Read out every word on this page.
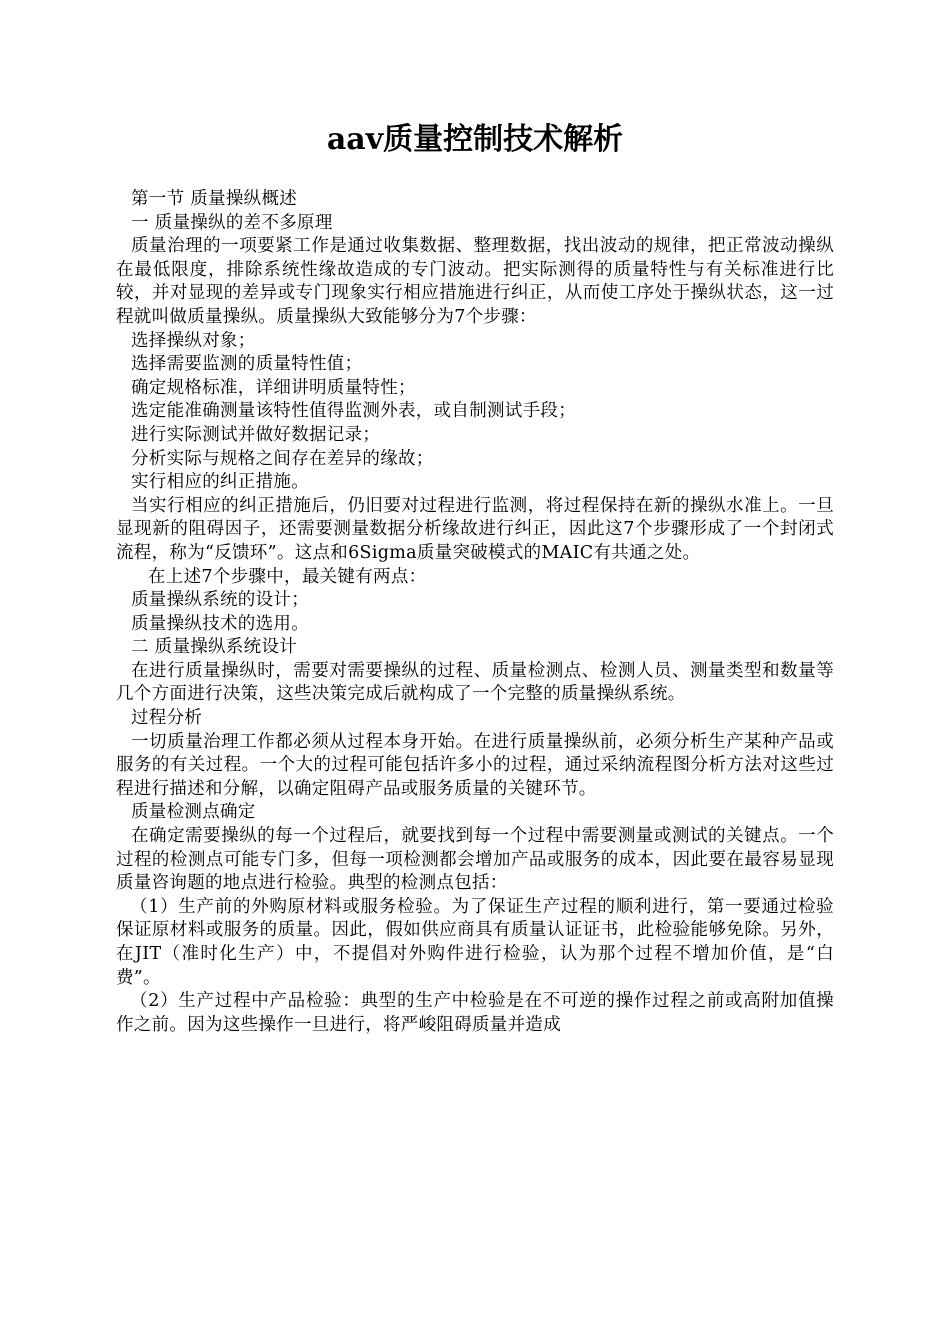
aav质量控制技术解析

第一节 质量操纵概述

一 质量操纵的差不多原理

质量治理的一项要紧工作是通过收集数据、整理数据，找出波动的规律，把正常波动操纵在最低限度，排除系统性缘故造成的专门波动。把实际测得的质量特性与有关标准进行比较，并对显现的差异或专门现象实行相应措施进行纠正，从而使工序处于操纵状态，这一过程就叫做质量操纵。质量操纵大致能够分为7个步骤：

选择操纵对象；

选择需要监测的质量特性值；

确定规格标准，详细讲明质量特性；

选定能准确测量该特性值得监测外表，或自制测试手段；

进行实际测试并做好数据记录；

分析实际与规格之间存在差异的缘故；

实行相应的纠正措施。

当实行相应的纠正措施后，仍旧要对过程进行监测，将过程保持在新的操纵水准上。一旦显现新的阻碍因子，还需要测量数据分析缘故进行纠正，因此这7个步骤形成了一个封闭式流程，称为“反馈环”。这点和6Sigma质量突破模式的MAIC有共通之处。

在上述7个步骤中，最关键有两点：

质量操纵系统的设计；

质量操纵技术的选用。

二 质量操纵系统设计

在进行质量操纵时，需要对需要操纵的过程、质量检测点、检测人员、测量类型和数量等几个方面进行决策，这些决策完成后就构成了一个完整的质量操纵系统。

过程分析

一切质量治理工作都必须从过程本身开始。在进行质量操纵前，必须分析生产某种产品或服务的有关过程。一个大的过程可能包括许多小的过程，通过采纳流程图分析方法对这些过程进行描述和分解，以确定阻碍产品或服务质量的关键环节。

质量检测点确定

在确定需要操纵的每一个过程后，就要找到每一个过程中需要测量或测试的关键点。一个过程的检测点可能专门多，但每一项检测都会增加产品或服务的成本，因此要在最容易显现质量咨询题的地点进行检验。典型的检测点包括：

（1）生产前的外购原材料或服务检验。为了保证生产过程的顺利进行，第一要通过检验保证原材料或服务的质量。因此，假如供应商具有质量认证证书，此检验能够免除。另外，在JIT（准时化生产）中，不提倡对外购件进行检验，认为那个过程不增加价值，是“白费”。

（2）生产过程中产品检验：典型的生产中检验是在不可逆的操作过程之前或高附加值操作之前。因为这些操作一旦进行，将严峻阻碍质量并造成
